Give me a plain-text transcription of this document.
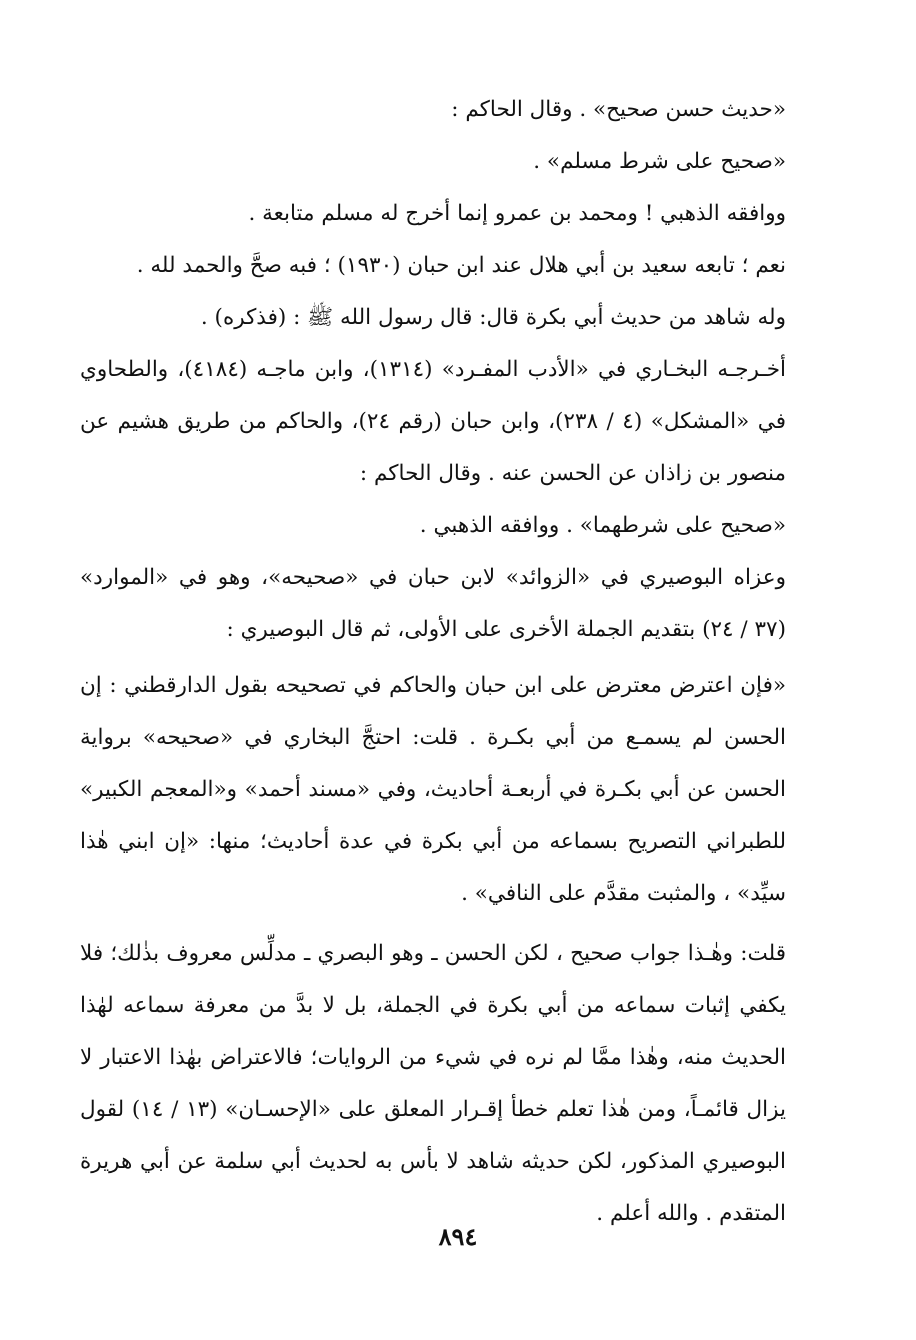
«حديث حسن صحيح» . وقال الحاكم :

«صحيح على شرط مسلم» .

ووافقه الذهبي ! ومحمد بن عمرو إنما أخرج له مسلم متابعة .

نعم ؛ تابعه سعيد بن أبي هلال عند ابن حبان (١٩٣٠) ؛ فبه صحَّ والحمد لله .

وله شاهد من حديث أبي بكرة قال: قال رسول الله ﷺ : (فذكره) .

أخـرجـه البخـاري في «الأدب المفـرد» (١٣١٤)، وابن ماجـه (٤١٨٤)، والطحاوي في «المشكل» (٤ / ٢٣٨)، وابن حبان (رقم ٢٤)، والحاكم من طريق هشيم عن منصور بن زاذان عن الحسن عنه . وقال الحاكم :

«صحيح على شرطهما» . ووافقه الذهبي .

وعزاه البوصيري في «الزوائد» لابن حبان في «صحيحه»، وهو في «الموارد» (٣٧ / ٢٤) بتقديم الجملة الأخرى على الأولى، ثم قال البوصيري :

«فإن اعترض معترض على ابن حبان والحاكم في تصحيحه بقول الدارقطني : إن الحسن لم يسمـع من أبي بكـرة . قلت: احتجَّ البخاري في «صحيحه» برواية الحسن عن أبي بكـرة في أربعـة أحاديث، وفي «مسند أحمد» و«المعجم الكبير» للطبراني التصريح بسماعه من أبي بكرة في عدة أحاديث؛ منها: «إن ابني هٰذا سيِّد» ، والمثبت مقدَّم على النافي» .

قلت: وهٰـذا جواب صحيح ، لكن الحسن ـ وهو البصري ـ مدلِّس معروف بذٰلك؛ فلا يكفي إثبات سماعه من أبي بكرة في الجملة، بل لا بدَّ من معرفة سماعه لهٰذا الحديث منه، وهٰذا ممَّا لم نره في شيء من الروايات؛ فالاعتراض بهٰذا الاعتبار لا يزال قائمـاً، ومن هٰذا تعلم خطأ إقـرار المعلق على «الإحسـان» (١٣ / ١٤) لقول البوصيري المذكور، لكن حديثه شاهد لا بأس به لحديث أبي سلمة عن أبي هريرة المتقدم . والله أعلم .

٨٩٤
